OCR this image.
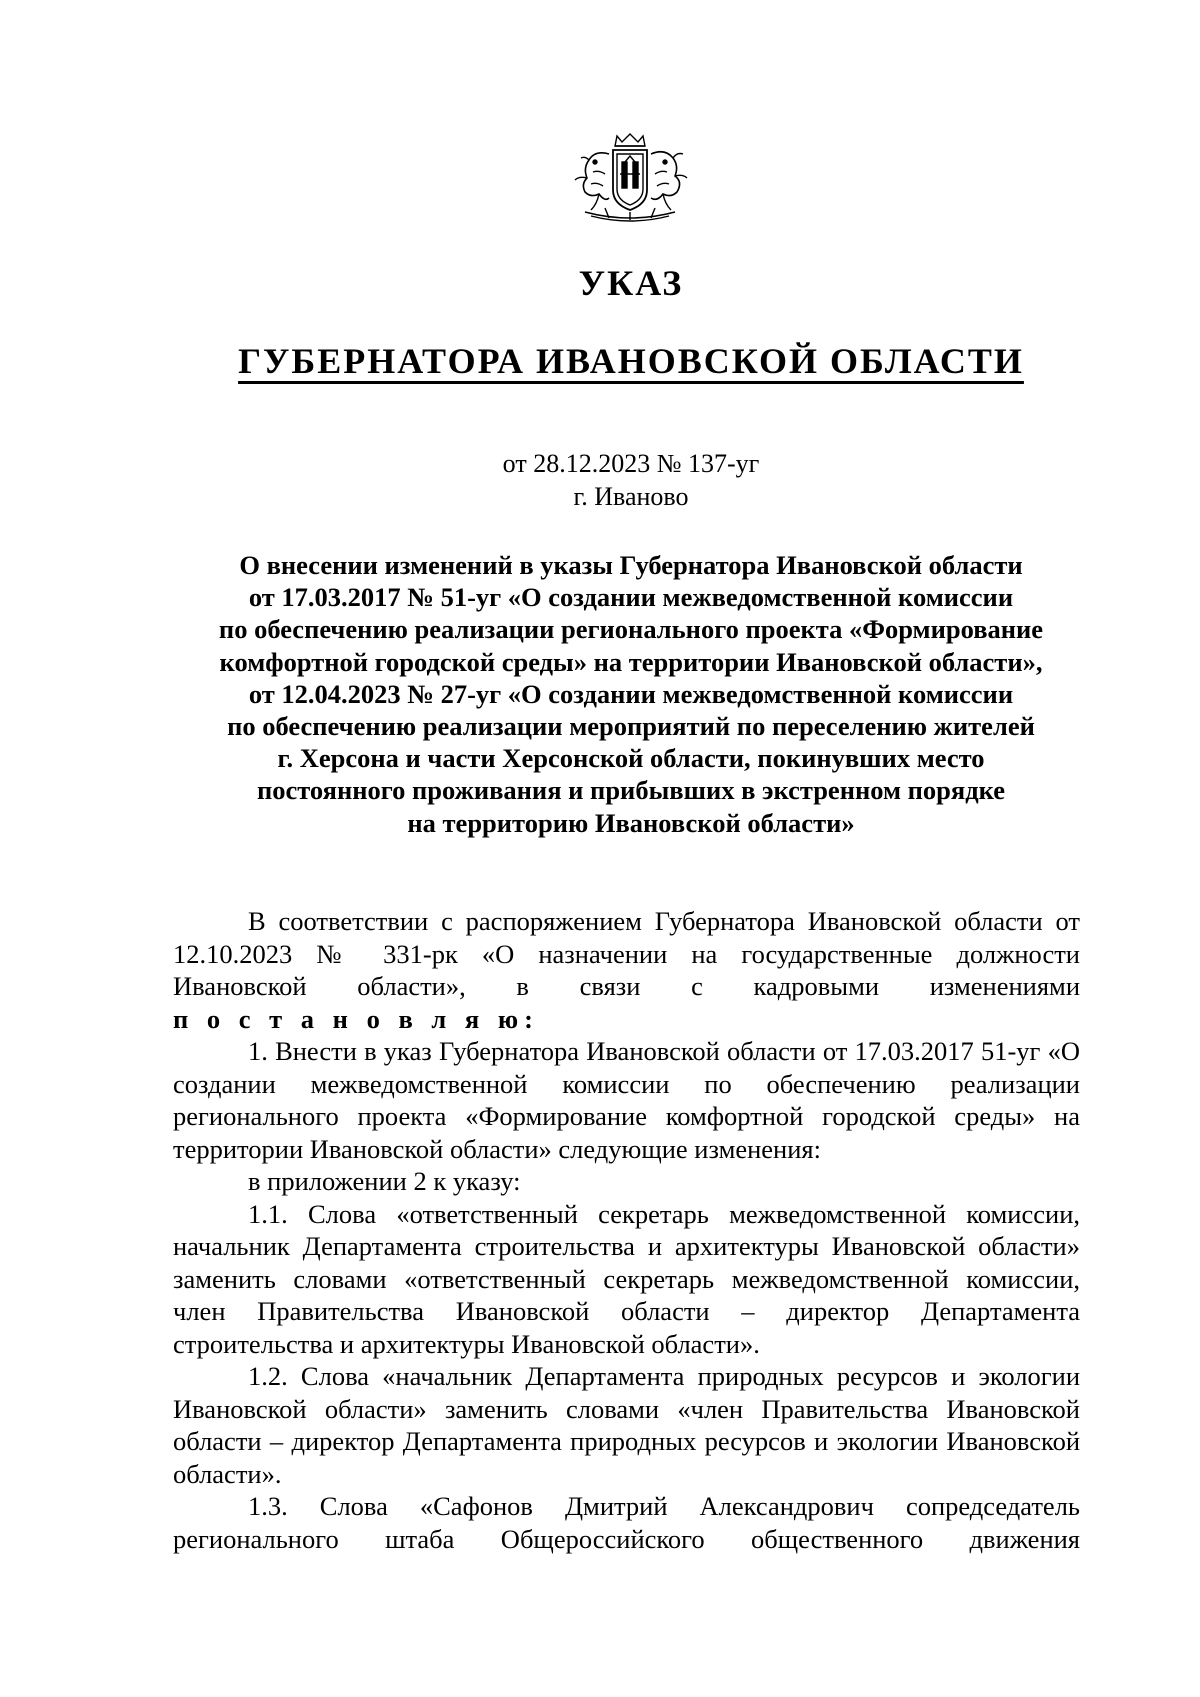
УКАЗ
ГУБЕРНАТОРА ИВАНОВСКОЙ ОБЛАСТИ
от 28.12.2023 № 137-уг
г. Иваново
О внесении изменений в указы Губернатора Ивановской области
от 17.03.2017 № 51-уг «О создании межведомственной комиссии
по обеспечению реализации регионального проекта «Формирование
комфортной городской среды» на территории Ивановской области»,
от 12.04.2023 № 27-уг «О создании межведомственной комиссии
по обеспечению реализации мероприятий по переселению жителей
г. Херсона и части Херсонской области, покинувших место
постоянного проживания и прибывших в экстренном порядке
на территорию Ивановской области»
В соответствии с распоряжением Губернатора Ивановской области от 12.10.2023 № 331-рк «О назначении на государственные должности Ивановской области», в связи с кадровыми изменениями
п о с т а н о в л я ю:
1. Внести в указ Губернатора Ивановской области от 17.03.2017 51-уг «О создании межведомственной комиссии по обеспечению реализации регионального проекта «Формирование комфортной городской среды» на территории Ивановской области» следующие изменения:
в приложении 2 к указу:
1.1. Слова «ответственный секретарь межведомственной комиссии, начальник Департамента строительства и архитектуры Ивановской области» заменить словами «ответственный секретарь межведомственной комиссии, член Правительства Ивановской области – директор Департамента строительства и архитектуры Ивановской области».
1.2. Слова «начальник Департамента природных ресурсов и экологии Ивановской области» заменить словами «член Правительства Ивановской области – директор Департамента природных ресурсов и экологии Ивановской области».
1.3. Слова «Сафонов Дмитрий Александрович сопредседатель регионального штаба Общероссийского общественного движения
